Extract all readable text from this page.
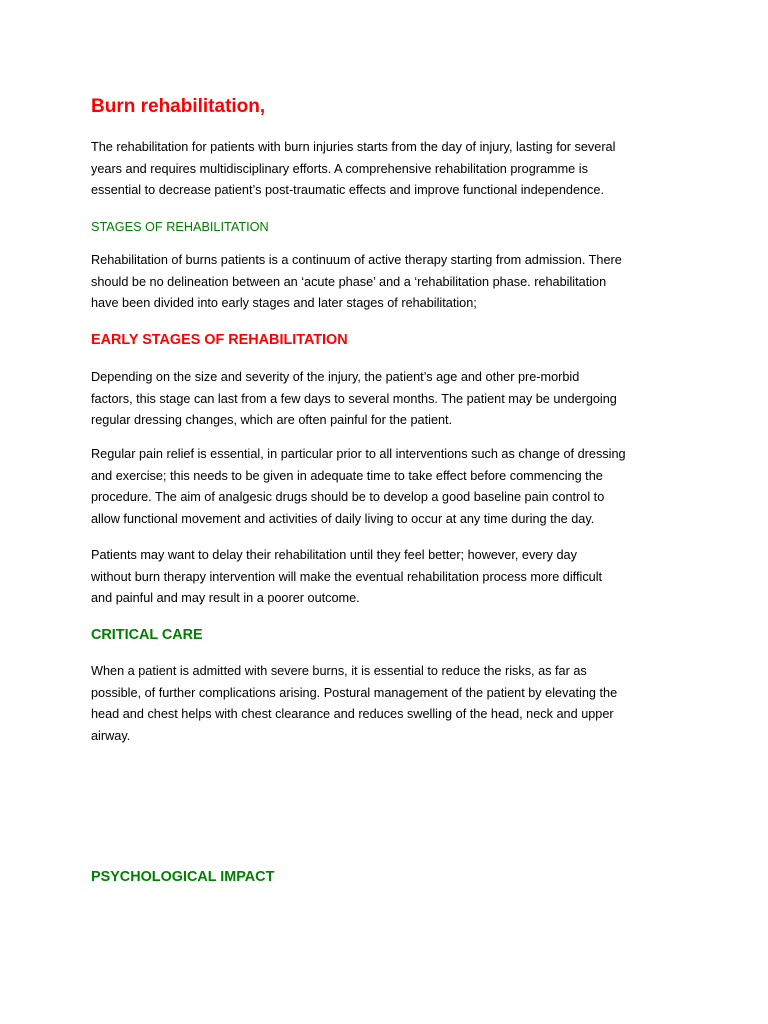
Burn rehabilitation,

The rehabilitation for patients with burn injuries starts from the day of injury, lasting for several
years and requires multidisciplinary efforts. A comprehensive rehabilitation programme is
essential to decrease patient’s post-traumatic effects and improve functional independence.

STAGES OF REHABILITATION

Rehabilitation of burns patients is a continuum of active therapy starting from admission. There
should be no delineation between an ‘acute phase’ and a ‘rehabilitation phase. rehabilitation
have been divided into early stages and later stages of rehabilitation;

EARLY STAGES OF REHABILITATION

Depending on the size and severity of the injury, the patient’s age and other pre-morbid
factors, this stage can last from a few days to several months. The patient may be undergoing
regular dressing changes, which are often painful for the patient.

Regular pain relief is essential, in particular prior to all interventions such as change of dressing
and exercise; this needs to be given in adequate time to take effect before commencing the
procedure. The aim of analgesic drugs should be to develop a good baseline pain control to
allow functional movement and activities of daily living to occur at any time during the day.

Patients may want to delay their rehabilitation until they feel better; however, every day
without burn therapy intervention will make the eventual rehabilitation process more difficult
and painful and may result in a poorer outcome.

CRITICAL CARE

When a patient is admitted with severe burns, it is essential to reduce the risks, as far as
possible, of further complications arising. Postural management of the patient by elevating the
head and chest helps with chest clearance and reduces swelling of the head, neck and upper
airway.

PSYCHOLOGICAL IMPACT
